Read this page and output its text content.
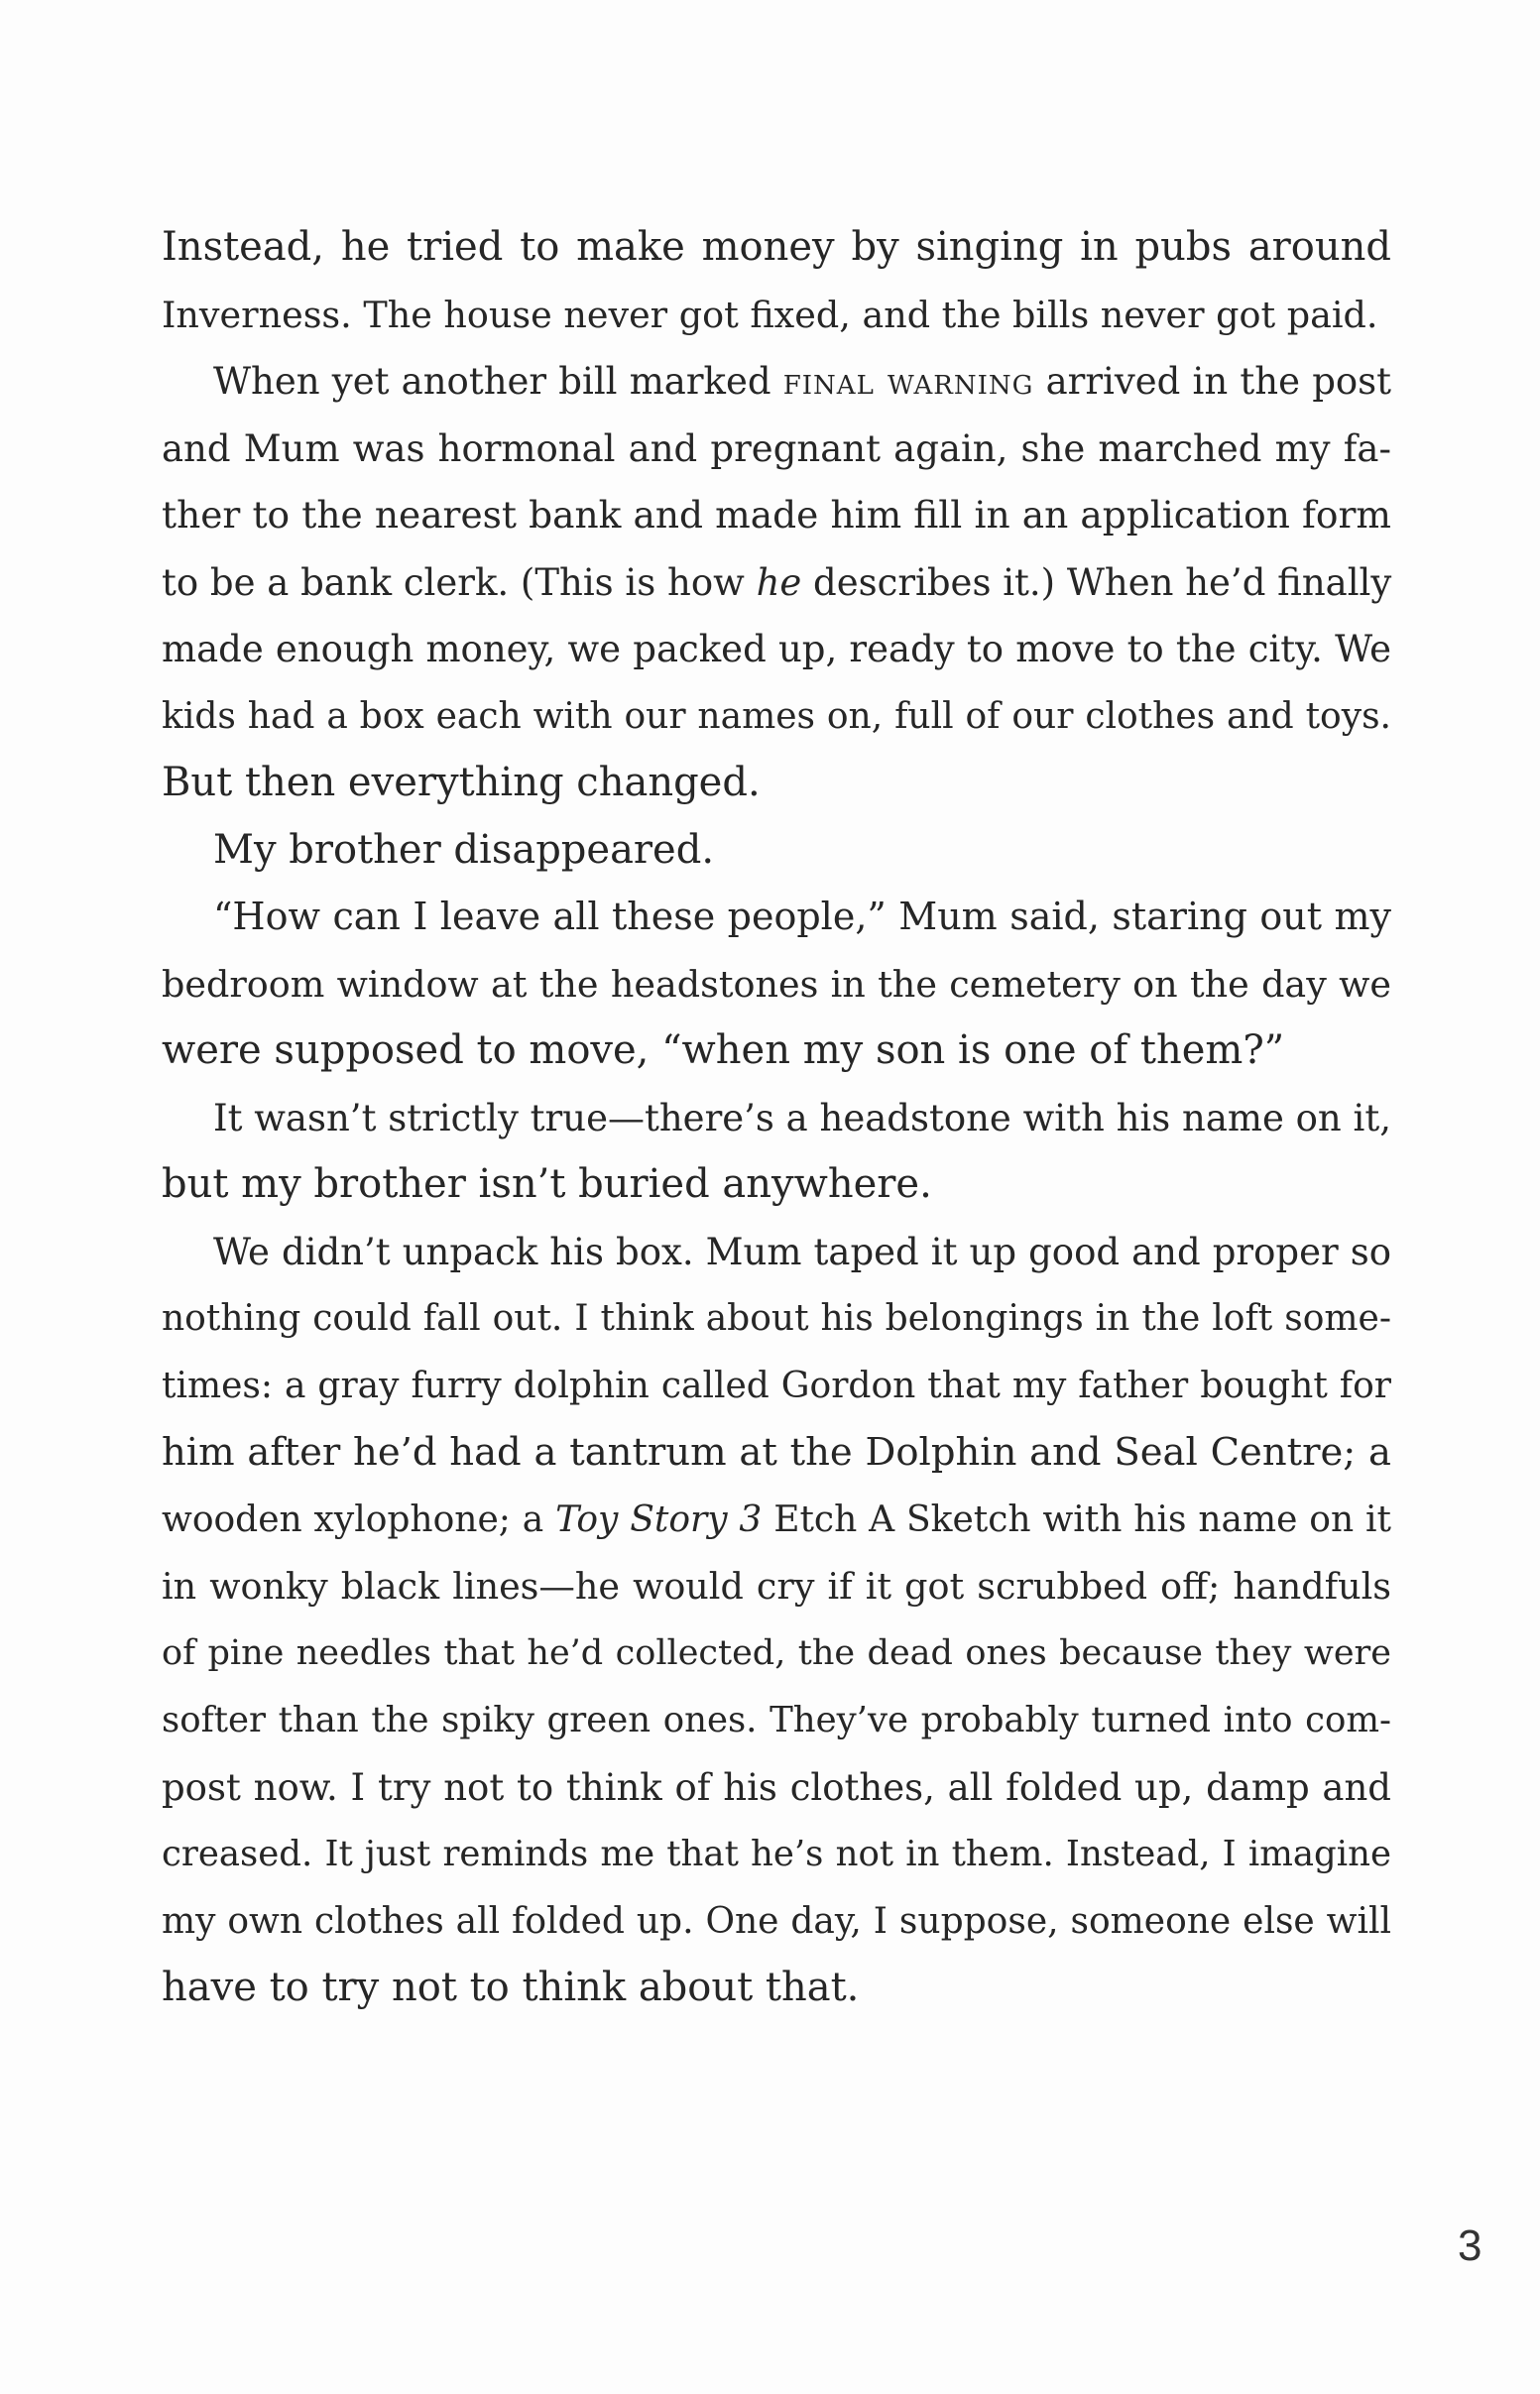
Instead, he tried to make money by singing in pubs around
Inverness. The house never got fixed, and the bills never got paid.
When yet another bill marked final warning arrived in the post
and Mum was hormonal and pregnant again, she marched my fa-
ther to the nearest bank and made him fill in an application form
to be a bank clerk. (This is how he describes it.) When he’d finally
made enough money, we packed up, ready to move to the city. We
kids had a box each with our names on, full of our clothes and toys.
But then everything changed.
My brother disappeared.
“How can I leave all these people,” Mum said, staring out my
bedroom window at the headstones in the cemetery on the day we
were supposed to move, “when my son is one of them?”
It wasn’t strictly true—there’s a headstone with his name on it,
but my brother isn’t buried anywhere.
We didn’t unpack his box. Mum taped it up good and proper so
nothing could fall out. I think about his belongings in the loft some-
times: a gray furry dolphin called Gordon that my father bought for
him after he’d had a tantrum at the Dolphin and Seal Centre; a
wooden xylophone; a Toy Story 3 Etch A Sketch with his name on it
in wonky black lines—he would cry if it got scrubbed off; handfuls
of pine needles that he’d collected, the dead ones because they were
softer than the spiky green ones. They’ve probably turned into com-
post now. I try not to think of his clothes, all folded up, damp and
creased. It just reminds me that he’s not in them. Instead, I imagine
my own clothes all folded up. One day, I suppose, someone else will
have to try not to think about that.
3
